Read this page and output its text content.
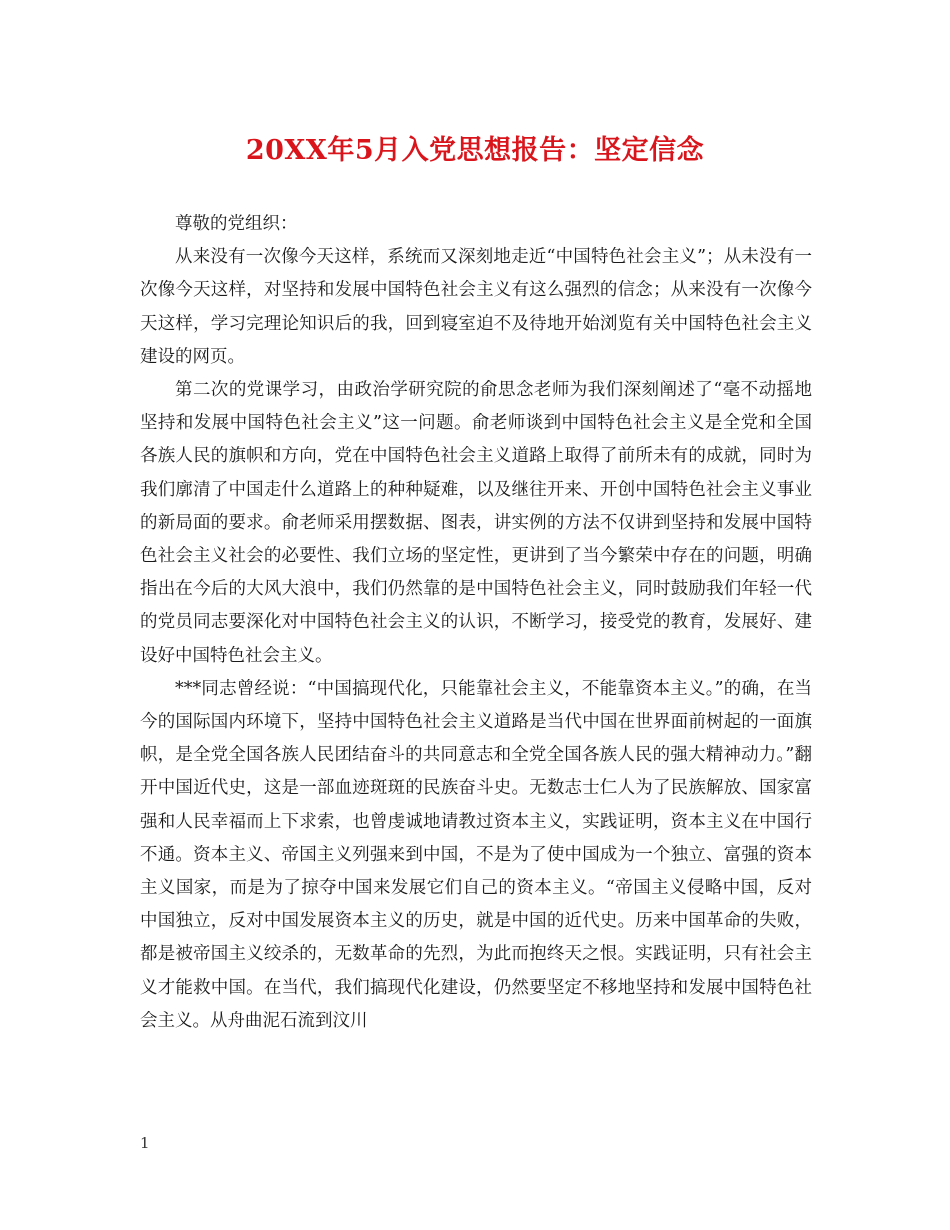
20XX年5月入党思想报告：坚定信念

尊敬的党组织：

从来没有一次像今天这样，系统而又深刻地走近“中国特色社会主义”；从未没有一次像今天这样，对坚持和发展中国特色社会主义有这么强烈的信念；从来没有一次像今天这样，学习完理论知识后的我，回到寝室迫不及待地开始浏览有关中国特色社会主义建设的网页。

第二次的党课学习，由政治学研究院的俞思念老师为我们深刻阐述了“毫不动摇地坚持和发展中国特色社会主义”这一问题。俞老师谈到中国特色社会主义是全党和全国各族人民的旗帜和方向，党在中国特色社会主义道路上取得了前所未有的成就，同时为我们廓清了中国走什么道路上的种种疑难，以及继往开来、开创中国特色社会主义事业的新局面的要求。俞老师采用摆数据、图表，讲实例的方法不仅讲到坚持和发展中国特色社会主义社会的必要性、我们立场的坚定性，更讲到了当今繁荣中存在的问题，明确指出在今后的大风大浪中，我们仍然靠的是中国特色社会主义，同时鼓励我们年轻一代的党员同志要深化对中国特色社会主义的认识，不断学习，接受党的教育，发展好、建设好中国特色社会主义。

***同志曾经说：“中国搞现代化，只能靠社会主义，不能靠资本主义。”的确，在当今的国际国内环境下，坚持中国特色社会主义道路是当代中国在世界面前树起的一面旗帜，是全党全国各族人民团结奋斗的共同意志和全党全国各族人民的强大精神动力。”翻开中国近代史，这是一部血迹斑斑的民族奋斗史。无数志士仁人为了民族解放、国家富强和人民幸福而上下求索，也曾虔诚地请教过资本主义，实践证明，资本主义在中国行不通。资本主义、帝国主义列强来到中国，不是为了使中国成为一个独立、富强的资本主义国家，而是为了掠夺中国来发展它们自己的资本主义。“帝国主义侵略中国，反对中国独立，反对中国发展资本主义的历史，就是中国的近代史。历来中国革命的失败，都是被帝国主义绞杀的，无数革命的先烈，为此而抱终天之恨。实践证明，只有社会主义才能救中国。在当代，我们搞现代化建设，仍然要坚定不移地坚持和发展中国特色社会主义。从舟曲泥石流到汶川

1
